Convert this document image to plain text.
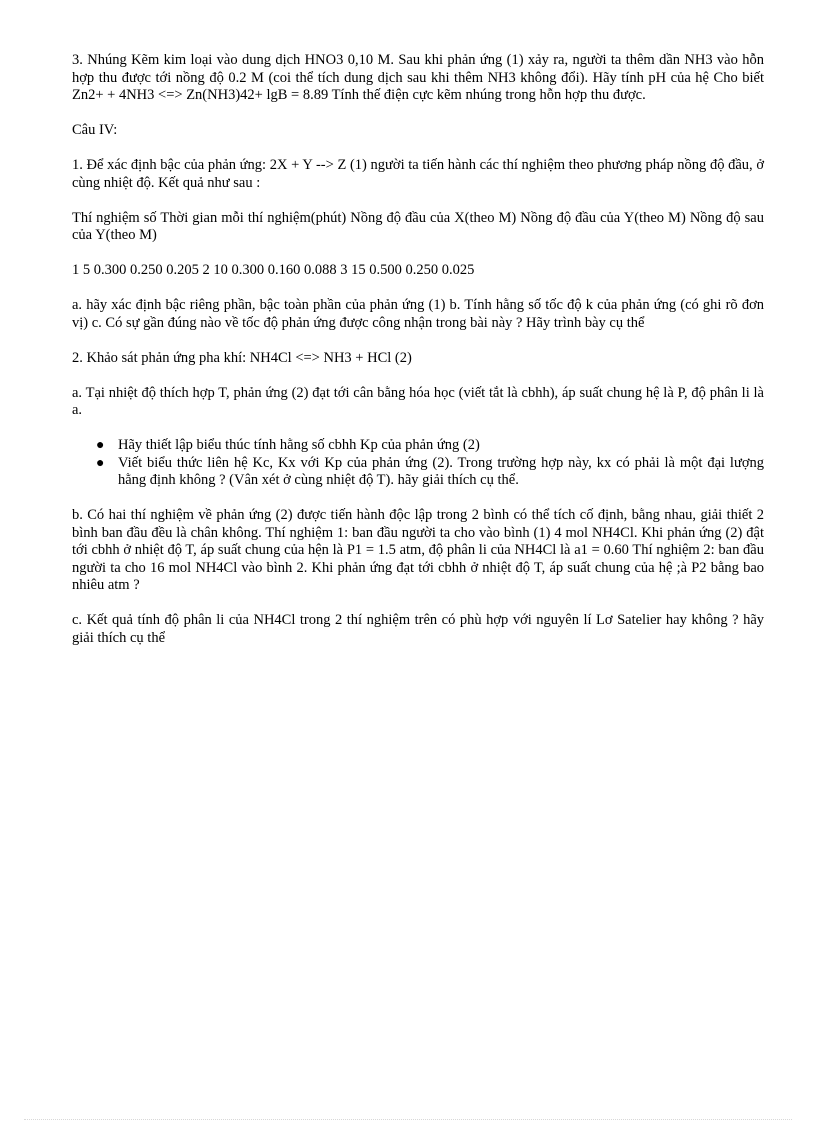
3. Nhúng Kẽm kim loại vào dung dịch HNO3 0,10 M. Sau khi phản ứng (1) xảy ra, người ta thêm dần NH3 vào hỗn hợp thu được tới nồng độ 0.2 M (coi thể tích dung dịch sau khi thêm NH3 không đổi). Hãy tính pH của hệ Cho biết Zn2+ + 4NH3 <=> Zn(NH3)42+ lgB = 8.89 Tính thế điện cực kẽm nhúng trong hỗn hợp thu được.

Câu IV:

1. Để xác định bậc của phản ứng: 2X + Y --> Z (1) người ta tiến hành các thí nghiệm theo phương pháp nồng độ đầu, ở cùng nhiệt độ. Kết quả như sau :

Thí nghiệm số Thời gian mỗi thí nghiệm(phút) Nồng độ đầu của X(theo M) Nồng độ đầu của Y(theo M) Nồng độ sau của Y(theo M)

1 5 0.300 0.250 0.205 2 10 0.300 0.160 0.088 3 15 0.500 0.250 0.025

a. hãy xác định bậc riêng phần, bậc toàn phần của phản ứng (1) b. Tính hằng số tốc độ k của phản ứng (có ghi rõ đơn vị) c. Có sự gần đúng nào về tốc độ phản ứng được công nhận trong bài này ? Hãy trình bày cụ thể

2. Khảo sát phản ứng pha khí: NH4Cl <=> NH3 + HCl (2)

a. Tại nhiệt độ thích hợp T, phản ứng (2) đạt tới cân bằng hóa học (viết tắt là cbhh), áp suất chung hệ là P, độ phân li là a.

● Hãy thiết lập biểu thúc tính hằng số cbhh Kp của phản ứng (2)
● Viết biểu thức liên hệ Kc, Kx với Kp của phản ứng (2). Trong trường hợp này, kx có phải là một đại lượng hằng định không ? (Vân xét ở cùng nhiệt độ T). hãy giải thích cụ thể.

b. Có hai thí nghiệm về phản ứng (2) được tiến hành độc lập trong 2 bình có thể tích cố định, bằng nhau, giải thiết 2 bình ban đầu đều là chân không. Thí nghiệm 1: ban đầu người ta cho vào bình (1) 4 mol NH4Cl. Khi phản ứng (2) đật tới cbhh ở nhiệt độ T, áp suất chung của hện là P1 = 1.5 atm, độ phân li của NH4Cl là a1 = 0.60 Thí nghiệm 2: ban đầu người ta cho 16 mol NH4Cl vào bình 2. Khi phản ứng đạt tới cbhh ở nhiệt độ T, áp suất chung của hệ ;à P2 bằng bao nhiêu atm ?

c. Kết quả tính độ phân li của NH4Cl trong 2 thí nghiệm trên có phù hợp với nguyên lí Lơ Satelier hay không ? hãy giải thích cụ thể
